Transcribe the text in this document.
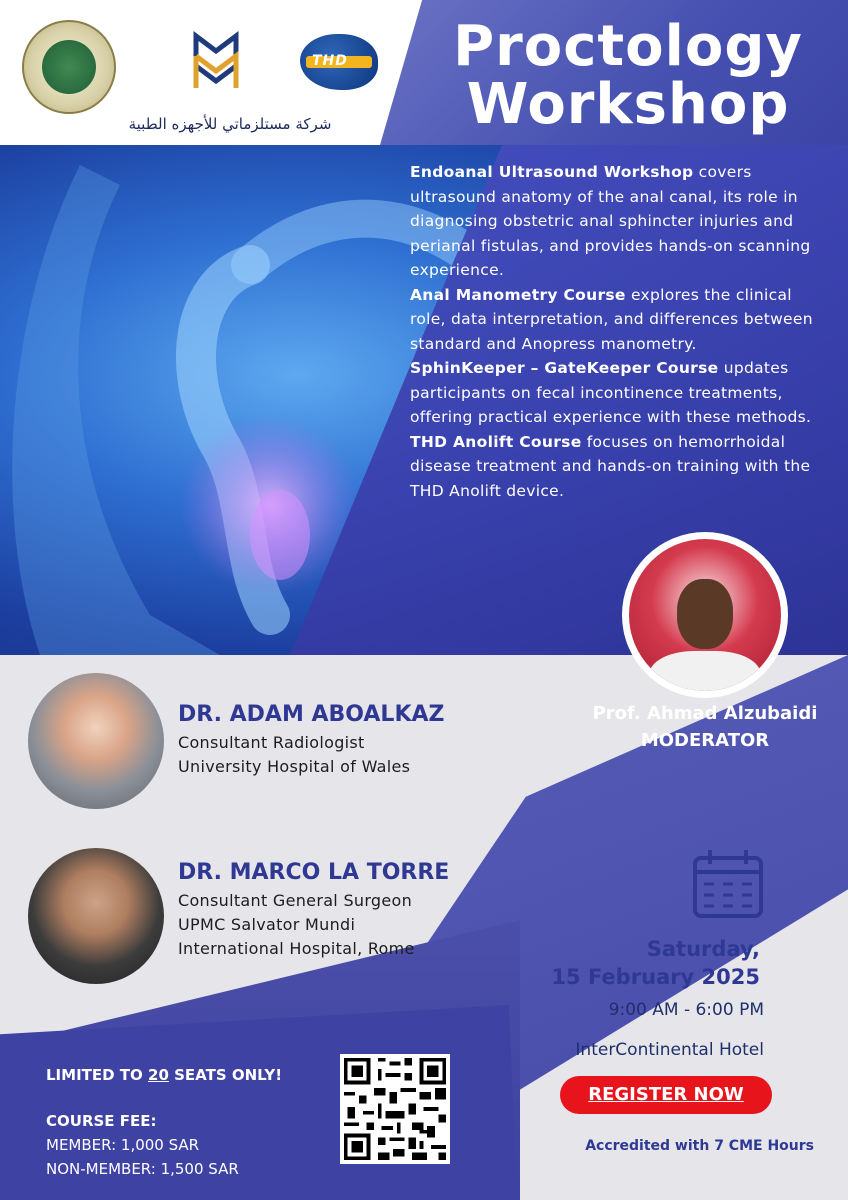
THD
شركة مستلزماتي للأجهزه الطبية
Proctology
Workshop
Endoanal Ultrasound Workshop covers ultrasound anatomy of the anal canal, its role in diagnosing obstetric anal sphincter injuries and perianal fistulas, and provides hands-on scanning experience.
Anal Manometry Course explores the clinical role, data interpretation, and differences between standard and Anopress manometry.
SphinKeeper – GateKeeper Course updates participants on fecal incontinence treatments, offering practical experience with these methods.
THD Anolift Course focuses on hemorrhoidal disease treatment and hands-on training with the THD Anolift device.
Prof. Ahmad Alzubaidi
MODERATOR
DR. ADAM ABOALKAZ
Consultant Radiologist
University Hospital of Wales
DR. MARCO LA TORRE
Consultant General Surgeon
UPMC Salvator Mundi
International Hospital, Rome	Saturday,
15 February 2025
9:00 AM - 6:00 PM
InterContinental Hotel
REGISTER NOW
Accredited with 7 CME Hours
LIMITED TO 20 SEATS ONLY!
COURSE FEE:
MEMBER: 1,000 SAR
NON-MEMBER: 1,500 SAR
